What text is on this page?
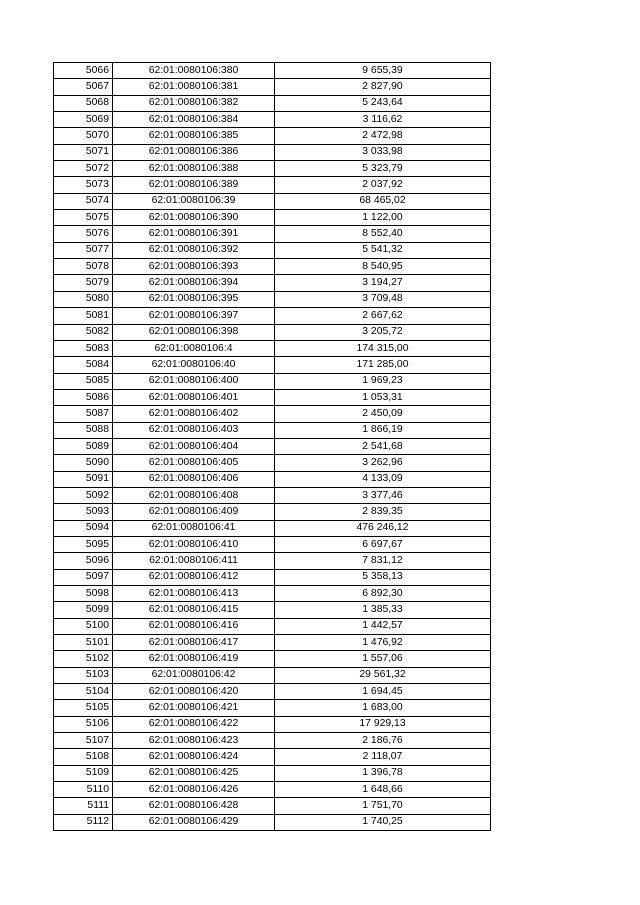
5066	62:01:0080106:380	9 655,39
5067	62:01:0080106:381	2 827,90
5068	62:01:0080106:382	5 243,64
5069	62:01:0080106:384	3 116,62
5070	62:01:0080106:385	2 472,98
5071	62:01:0080106:386	3 033,98
5072	62:01:0080106:388	5 323,79
5073	62:01:0080106:389	2 037,92
5074	62:01:0080106:39	68 465,02
5075	62:01:0080106:390	1 122,00
5076	62:01:0080106:391	8 552,40
5077	62:01:0080106:392	5 541,32
5078	62:01:0080106:393	8 540,95
5079	62:01:0080106:394	3 194,27
5080	62:01:0080106:395	3 709,48
5081	62:01:0080106:397	2 667,62
5082	62:01:0080106:398	3 205,72
5083	62:01:0080106:4	174 315,00
5084	62:01:0080106:40	171 285,00
5085	62:01:0080106:400	1 969,23
5086	62:01:0080106:401	1 053,31
5087	62:01:0080106:402	2 450,09
5088	62:01:0080106:403	1 866,19
5089	62:01:0080106:404	2 541,68
5090	62:01:0080106:405	3 262,96
5091	62:01:0080106:406	4 133,09
5092	62:01:0080106:408	3 377,46
5093	62:01:0080106:409	2 839,35
5094	62:01:0080106:41	476 246,12
5095	62:01:0080106:410	6 697,67
5096	62:01:0080106:411	7 831,12
5097	62:01:0080106:412	5 358,13
5098	62:01:0080106:413	6 892,30
5099	62:01:0080106:415	1 385,33
5100	62:01:0080106:416	1 442,57
5101	62:01:0080106:417	1 476,92
5102	62:01:0080106:419	1 557,06
5103	62:01:0080106:42	29 561,32
5104	62:01:0080106:420	1 694,45
5105	62:01:0080106:421	1 683,00
5106	62:01:0080106:422	17 929,13
5107	62:01:0080106:423	2 186,76
5108	62:01:0080106:424	2 118,07
5109	62:01:0080106:425	1 396,78
5110	62:01:0080106:426	1 648,66
5111	62:01:0080106:428	1 751,70
5112	62:01:0080106:429	1 740,25
